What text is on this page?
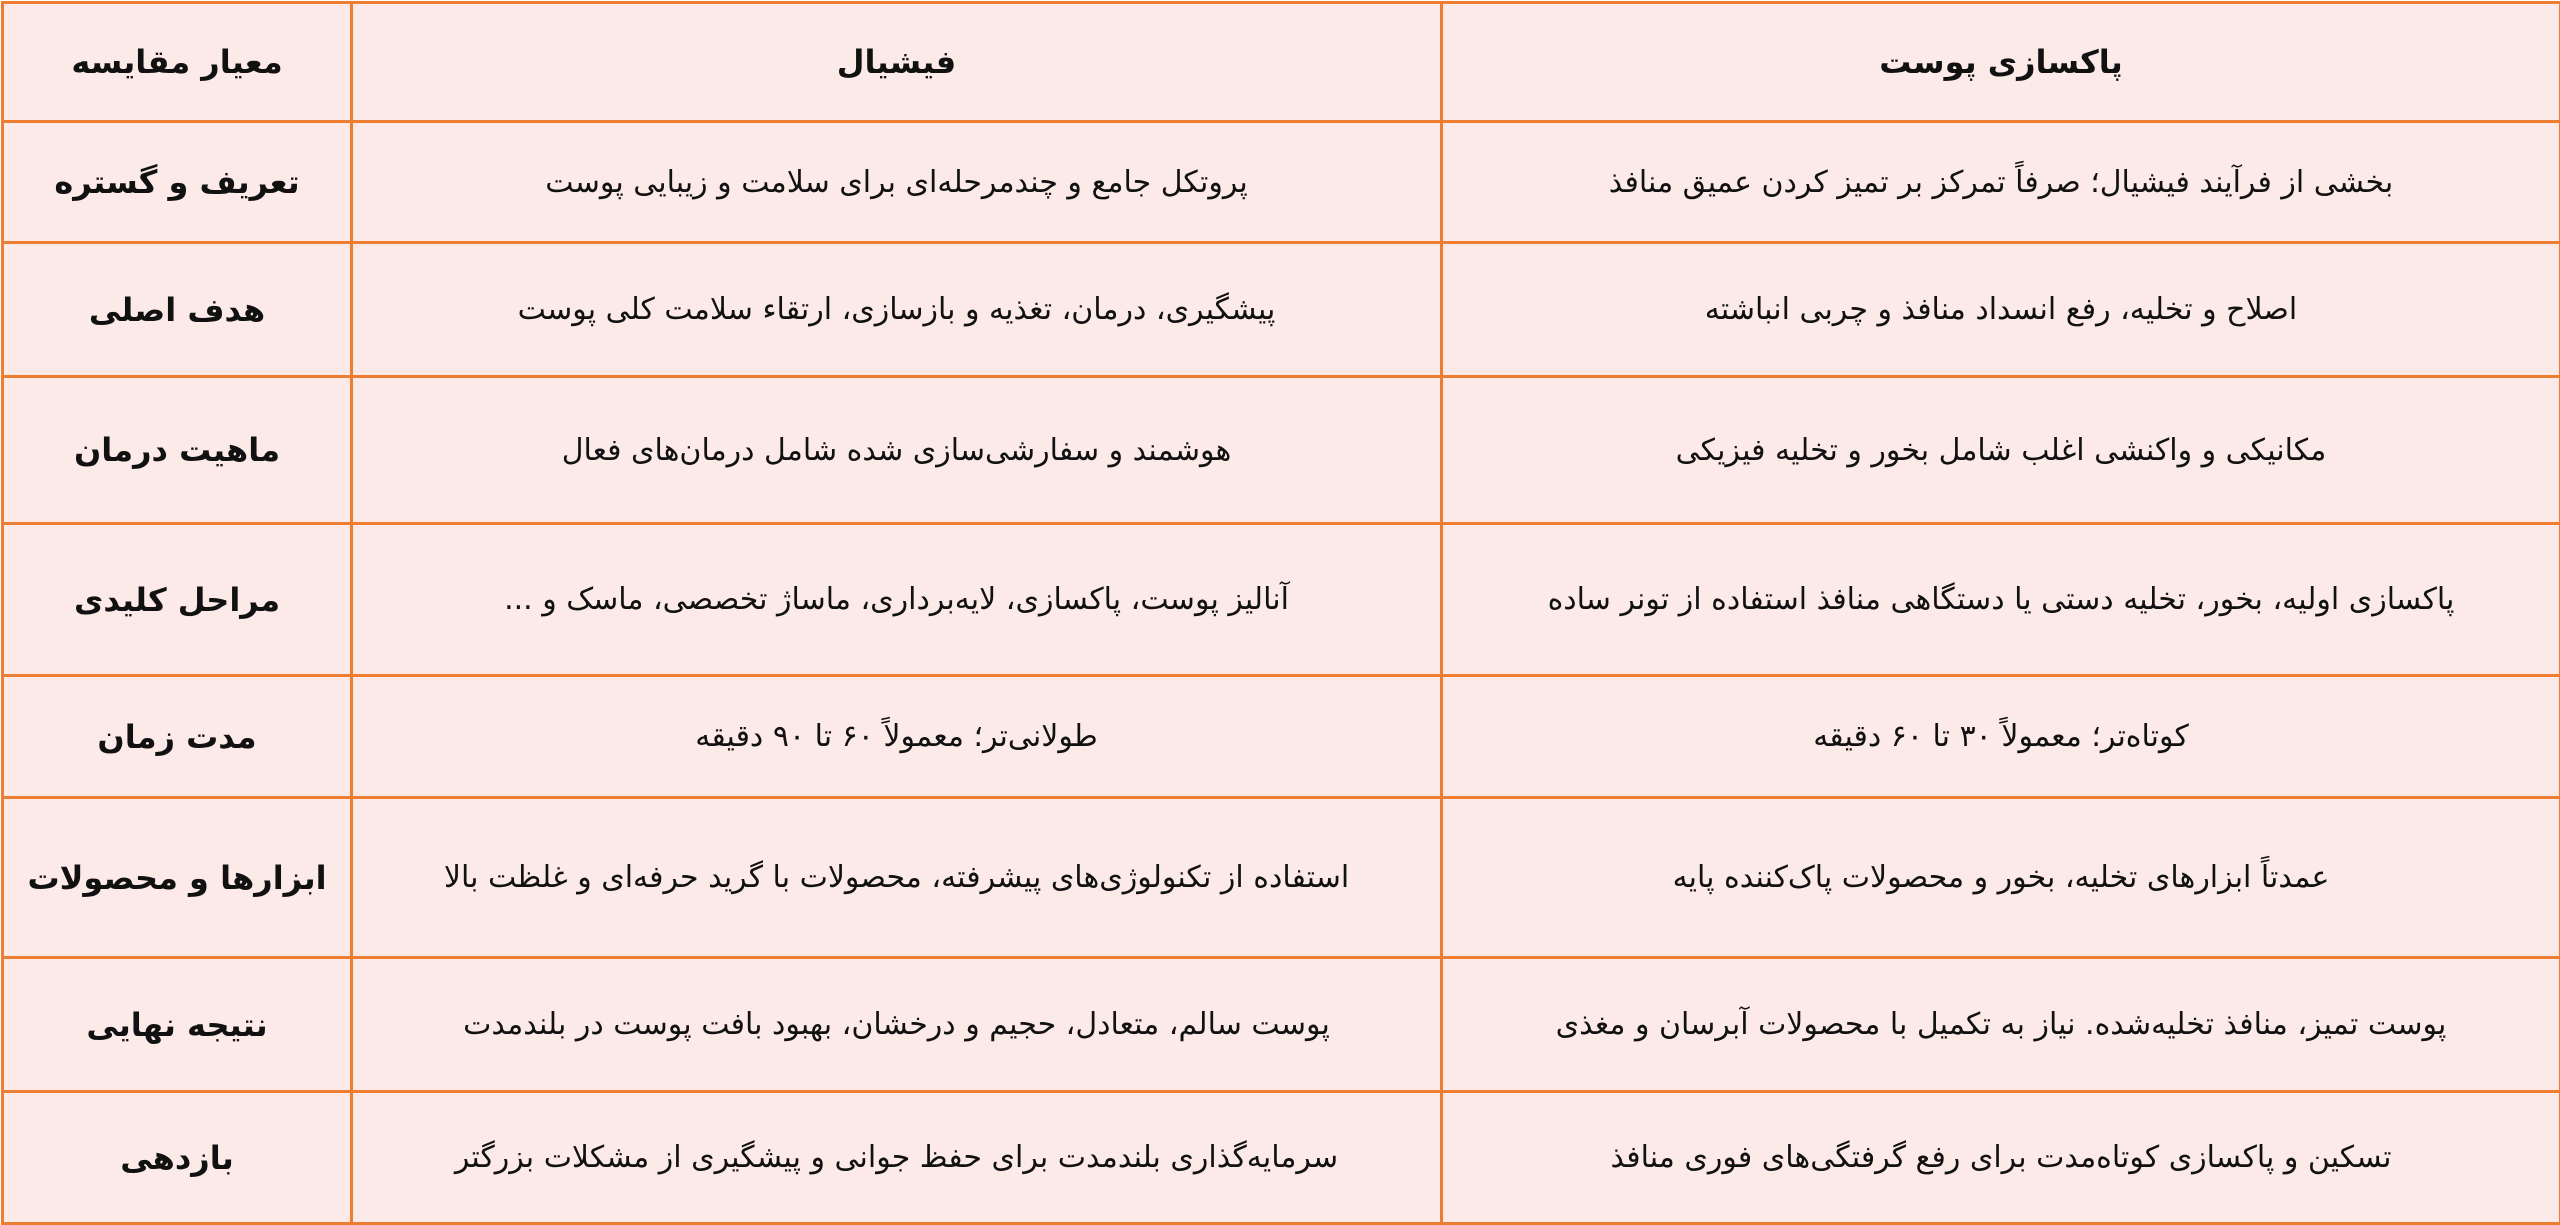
معیار مقایسه	فیشیال	پاکسازی پوست
تعریف و گستره	پروتکل جامع و چندمرحله‌ای برای سلامت و زیبایی پوست	بخشی از فرآیند فیشیال؛ صرفاً تمرکز بر تمیز کردن عمیق منافذ
هدف اصلی	پیشگیری، درمان، تغذیه و بازسازی، ارتقاء سلامت کلی پوست	اصلاح و تخلیه، رفع انسداد منافذ و چربی انباشته
ماهیت درمان	هوشمند و سفارشی‌سازی شده شامل درمان‌های فعال	مکانیکی و واکنشی اغلب شامل بخور و تخلیه فیزیکی
مراحل کلیدی	آنالیز پوست، پاکسازی، لایه‌برداری، ماساژ تخصصی، ماسک و ...	پاکسازی اولیه، بخور، تخلیه دستی یا دستگاهی منافذ استفاده از تونر ساده
مدت زمان	طولانی‌تر؛ معمولاً ۶۰ تا ۹۰ دقیقه	کوتاه‌تر؛ معمولاً ۳۰ تا ۶۰ دقیقه
ابزارها و محصولات	استفاده از تکنولوژی‌های پیشرفته، محصولات با گرید حرفه‌ای و غلظت بالا	عمدتاً ابزارهای تخلیه، بخور و محصولات پاک‌کننده پایه
نتیجه نهایی	پوست سالم، متعادل، حجیم و درخشان، بهبود بافت پوست در بلندمدت	پوست تمیز، منافذ تخلیه‌شده. نیاز به تکمیل با محصولات آبرسان و مغذی
بازدهی	سرمایه‌گذاری بلندمدت برای حفظ جوانی و پیشگیری از مشکلات بزرگتر	تسکین و پاکسازی کوتاه‌مدت برای رفع گرفتگی‌های فوری منافذ
